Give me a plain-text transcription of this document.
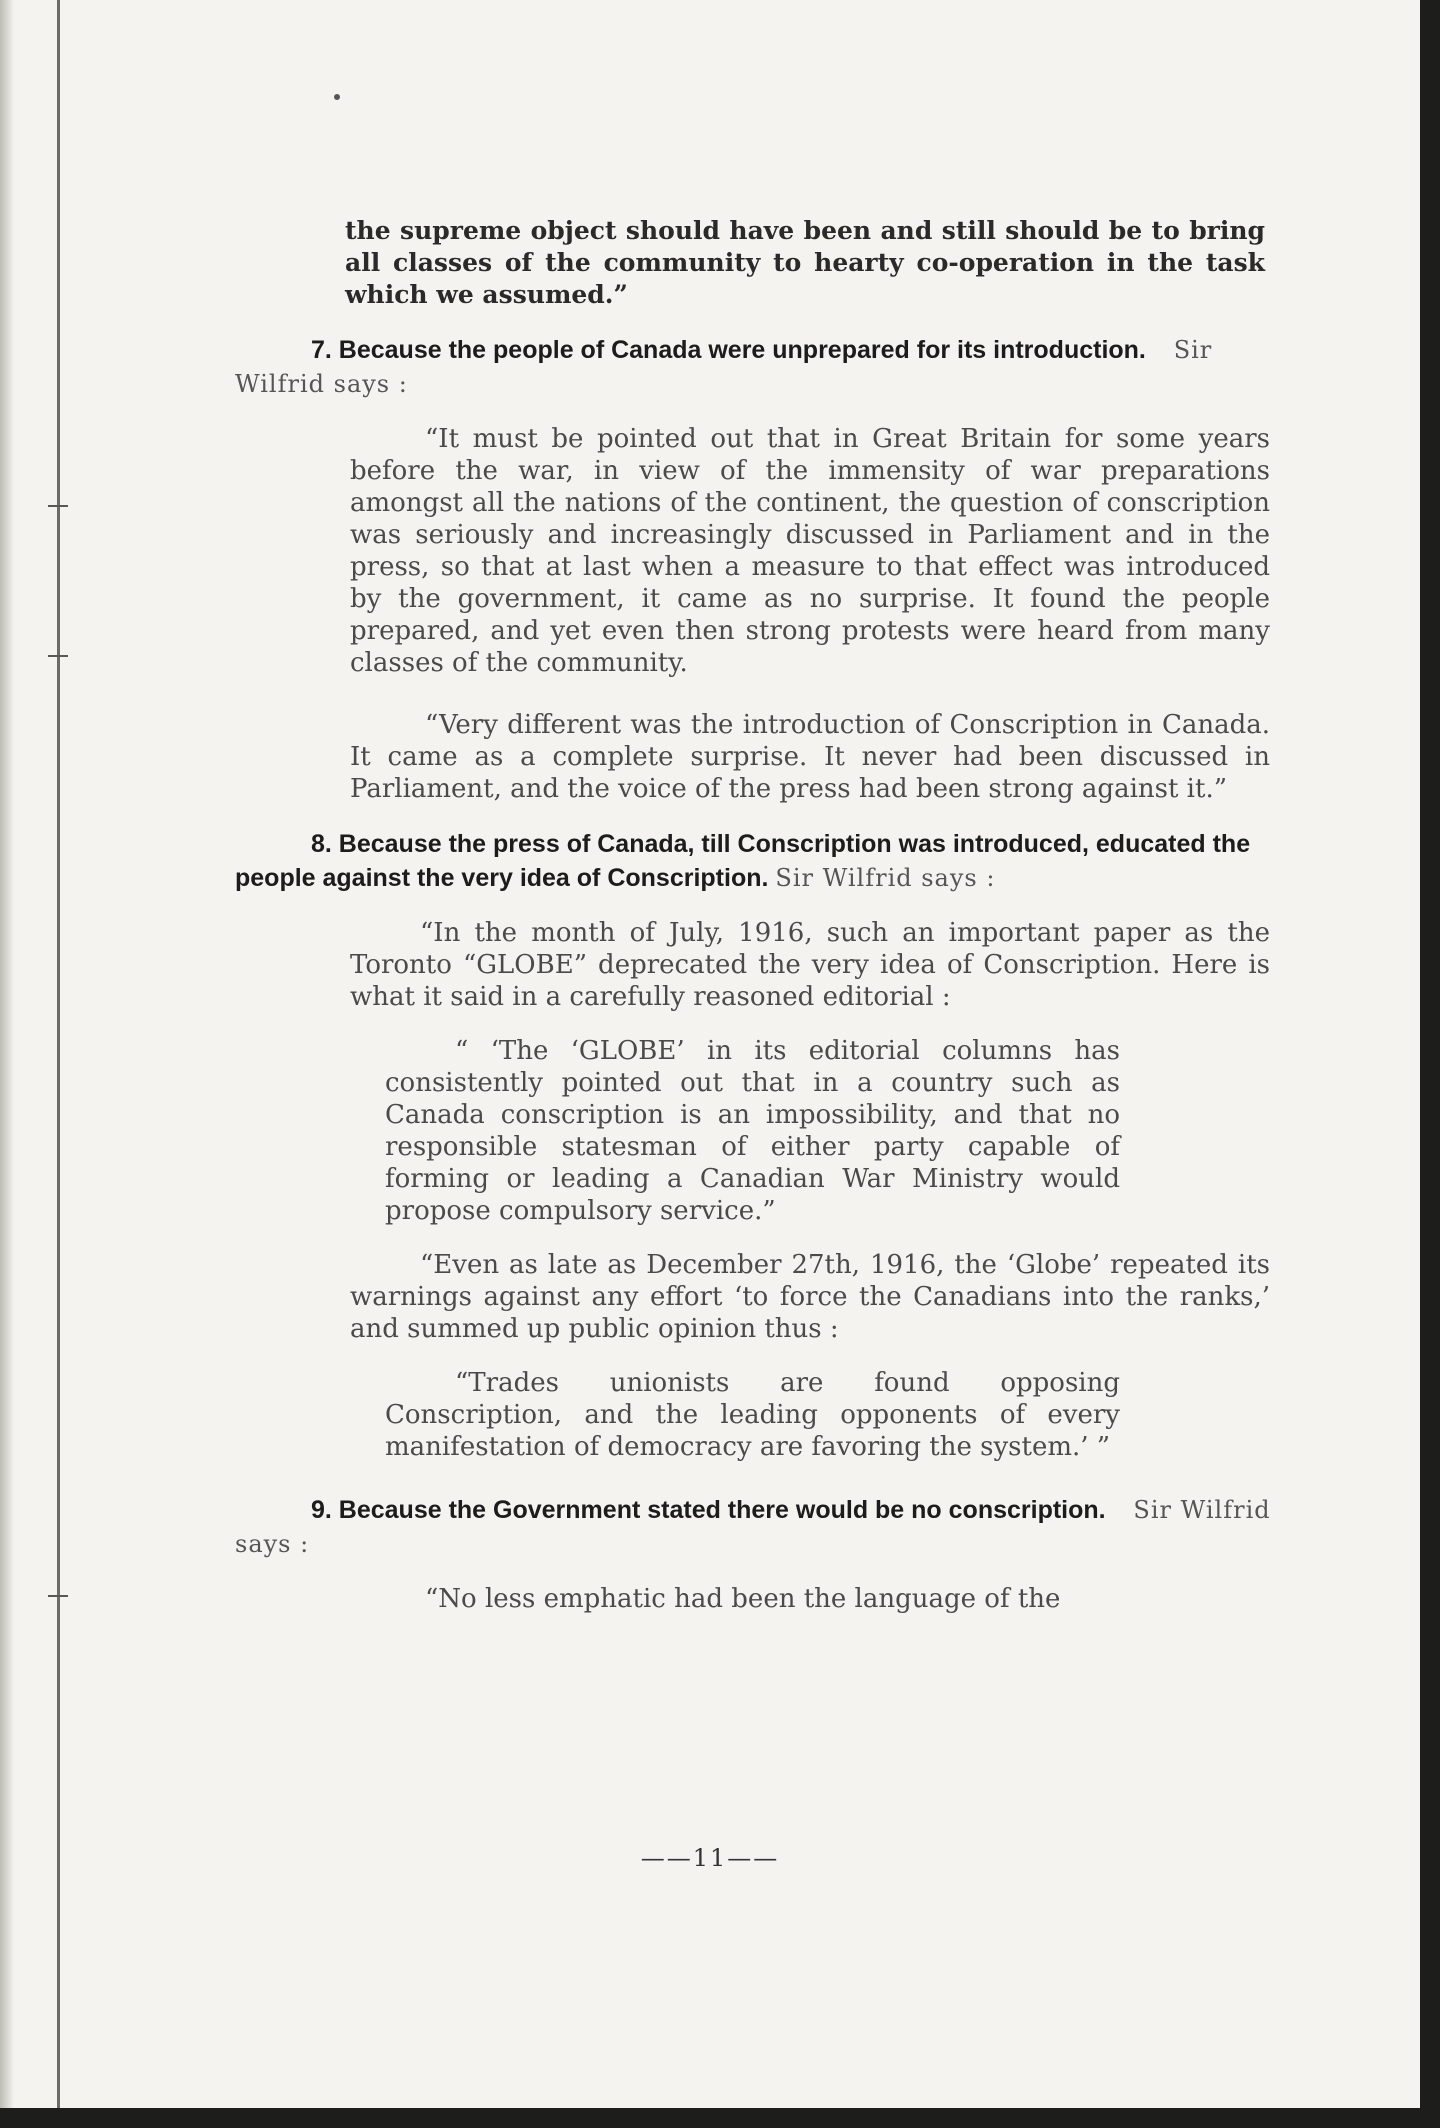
the supreme object should have been and still should be to bring all classes of the community to hearty co-operation in the task which we assumed.”

7. Because the people of Canada were unprepared for its introduction. Sir Wilfrid says :

“It must be pointed out that in Great Britain for some years before the war, in view of the immensity of war preparations amongst all the nations of the continent, the question of conscription was seriously and increasingly discussed in Parliament and in the press, so that at last when a measure to that effect was introduced by the government, it came as no surprise. It found the people prepared, and yet even then strong protests were heard from many classes of the community.

“Very different was the introduction of Conscription in Canada. It came as a complete surprise. It never had been discussed in Parliament, and the voice of the press had been strong against it.”

8. Because the press of Canada, till Conscription was introduced, educated the people against the very idea of Conscription. Sir Wilfrid says :

“In the month of July, 1916, such an important paper as the Toronto “GLOBE” deprecated the very idea of Conscription. Here is what it said in a carefully reasoned editorial :

“ ‘The ‘GLOBE’ in its editorial columns has consistently pointed out that in a country such as Canada conscription is an impossibility, and that no responsible statesman of either party capable of forming or leading a Canadian War Ministry would propose compulsory service.”

“Even as late as December 27th, 1916, the ‘Globe’ repeated its warnings against any effort ‘to force the Canadians into the ranks,’ and summed up public opinion thus :

“Trades unionists are found opposing Conscription, and the leading opponents of every manifestation of democracy are favoring the system.’ ”

9. Because the Government stated there would be no conscription. Sir Wilfrid says :

“No less emphatic had been the language of the

——11——
